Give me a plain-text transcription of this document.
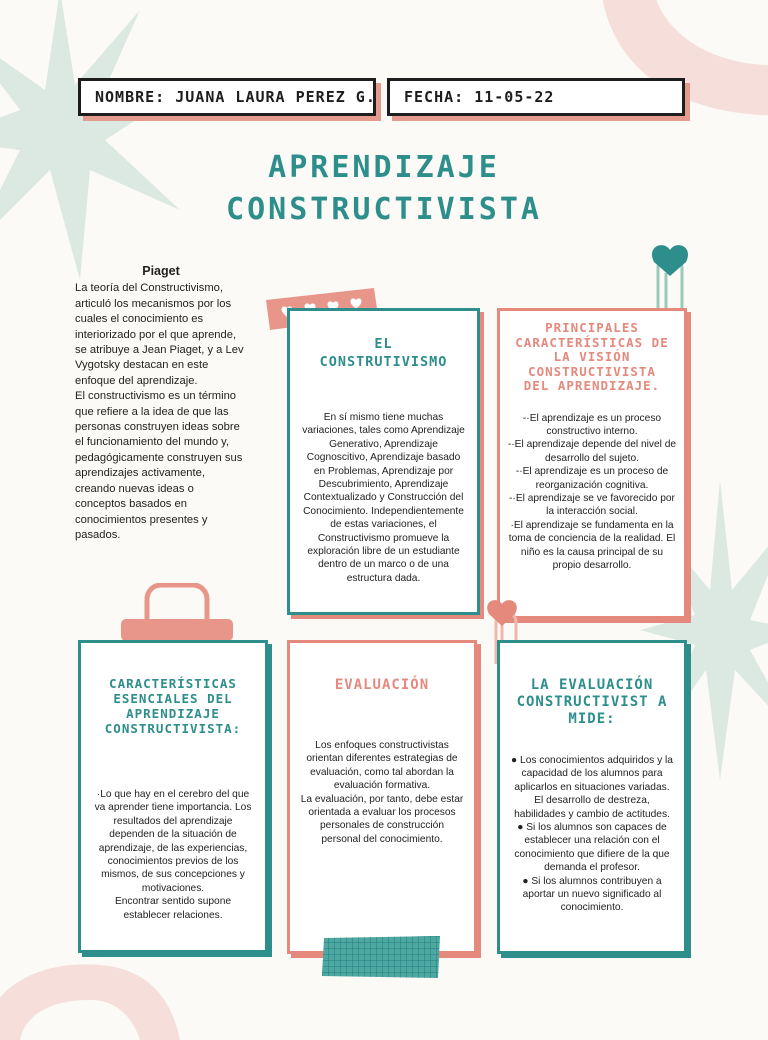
NOMBRE: JUANA LAURA PEREZ G. FECHA: 11-05-22
APRENDIZAJE
CONSTRUCTIVISTA
Piaget

La teoría del Constructivismo, articuló los mecanismos por los cuales el conocimiento es interiorizado por el que aprende, se atribuye a Jean Piaget, y a Lev Vygotsky destacan en este enfoque del aprendizaje.

El constructivismo es un término que refiere a la idea de que las personas construyen ideas sobre el funcionamiento del mundo y, pedagógicamente construyen sus aprendizajes activamente, creando nuevas ideas o conceptos basados en conocimientos presentes y pasados.

EL CONSTRUTIVISMO

En sí mismo tiene muchas variaciones, tales como Aprendizaje Generativo, Aprendizaje Cognoscitivo, Aprendizaje basado en Problemas, Aprendizaje por Descubrimiento, Aprendizaje Contextualizado y Construcción del Conocimiento. Independientemente de estas variaciones, el Constructivismo promueve la exploración libre de un estudiante dentro de un marco o de una estructura dada.

PRINCIPALES CARACTERÍSTICAS DE LA VISIÓN CONSTRUCTIVISTA DEL APRENDIZAJE.

-·El aprendizaje es un proceso constructivo interno.

-·El aprendizaje depende del nivel de desarrollo del sujeto.

-·El aprendizaje es un proceso de reorganización cognitiva.

-·El aprendizaje se ve favorecido por la interacción social.

·El aprendizaje se fundamenta en la toma de conciencia de la realidad. El niño es la causa principal de su propio desarrollo.

CARACTERÍSTICAS ESENCIALES DEL APRENDIZAJE CONSTRUCTIVISTA:

·Lo que hay en el cerebro del que va aprender tiene importancia. Los resultados del aprendizaje dependen de la situación de aprendizaje, de las experiencias, conocimientos previos de los mismos, de sus concepciones y motivaciones.

Encontrar sentido supone establecer relaciones.

EVALUACIÓN

Los enfoques constructivistas orientan diferentes estrategias de evaluación, como tal abordan la evaluación formativa.

La evaluación, por tanto, debe estar orientada a evaluar los procesos personales de construcción personal del conocimiento.

LA EVALUACIÓN CONSTRUCTIVIST A MIDE:

● Los conocimientos adquiridos y la capacidad de los alumnos para aplicarlos en situaciones variadas.

El desarrollo de destreza, habilidades y cambio de actitudes.

● Si los alumnos son capaces de establecer una relación con el conocimiento que difiere de la que demanda el profesor.

● Si los alumnos contribuyen a aportar un nuevo significado al conocimiento.
